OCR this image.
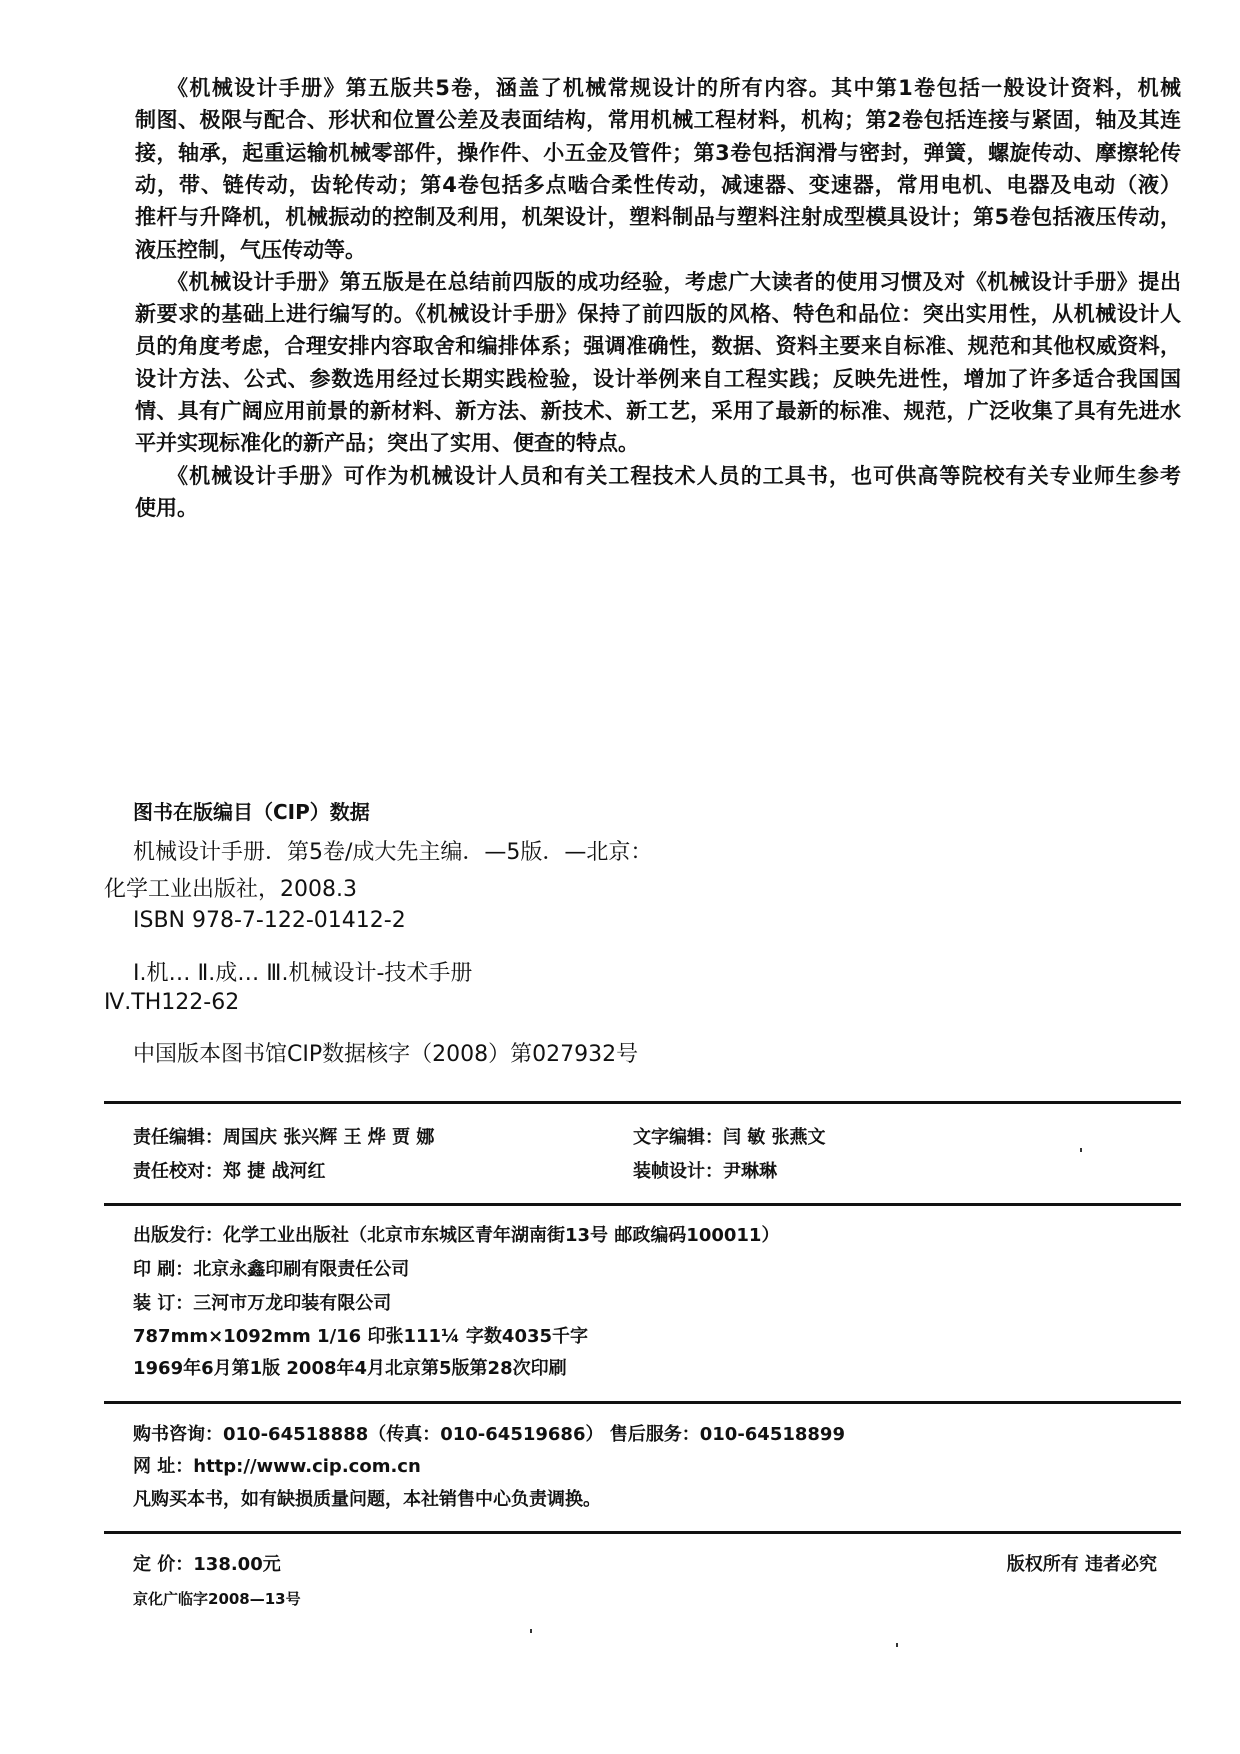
《机械设计手册》第五版共5卷，涵盖了机械常规设计的所有内容。其中第1卷包括一般设计资料，机械
制图、极限与配合、形状和位置公差及表面结构，常用机械工程材料，机构；第2卷包括连接与紧固，轴及其连
接，轴承，起重运输机械零部件，操作件、小五金及管件；第3卷包括润滑与密封，弹簧，螺旋传动、摩擦轮传
动，带、链传动，齿轮传动；第4卷包括多点啮合柔性传动，减速器、变速器，常用电机、电器及电动（液）
推杆与升降机，机械振动的控制及利用，机架设计，塑料制品与塑料注射成型模具设计；第5卷包括液压传动，
液压控制，气压传动等。
《机械设计手册》第五版是在总结前四版的成功经验，考虑广大读者的使用习惯及对《机械设计手册》提出
新要求的基础上进行编写的。《机械设计手册》保持了前四版的风格、特色和品位：突出实用性，从机械设计人
员的角度考虑，合理安排内容取舍和编排体系；强调准确性，数据、资料主要来自标准、规范和其他权威资料，
设计方法、公式、参数选用经过长期实践检验，设计举例来自工程实践；反映先进性，增加了许多适合我国国
情、具有广阔应用前景的新材料、新方法、新技术、新工艺，采用了最新的标准、规范，广泛收集了具有先进水
平并实现标准化的新产品；突出了实用、便查的特点。
《机械设计手册》可作为机械设计人员和有关工程技术人员的工具书，也可供高等院校有关专业师生参考
使用。
图书在版编目（CIP）数据
机械设计手册．第5卷/成大先主编．—5版．—北京：
化学工业出版社，2008.3
ISBN 978-7-122-01412-2
Ⅰ.机… Ⅱ.成… Ⅲ.机械设计-技术手册
Ⅳ.TH122-62
中国版本图书馆CIP数据核字（2008）第027932号
责任编辑：周国庆 张兴辉 王 烨 贾 娜	文字编辑：闫 敏 张燕文
责任校对：郑 捷 战河红	装帧设计：尹琳琳
出版发行：化学工业出版社（北京市东城区青年湖南街13号 邮政编码100011）
印 刷：北京永鑫印刷有限责任公司
装 订：三河市万龙印装有限公司
787mm×1092mm 1/16 印张111¼ 字数4035千字
1969年6月第1版 2008年4月北京第5版第28次印刷
购书咨询：010-64518888（传真：010-64519686） 售后服务：010-64518899
网 址：http://www.cip.com.cn
凡购买本书，如有缺损质量问题，本社销售中心负责调换。
定 价：138.00元	版权所有 违者必究
京化广临字2008—13号
